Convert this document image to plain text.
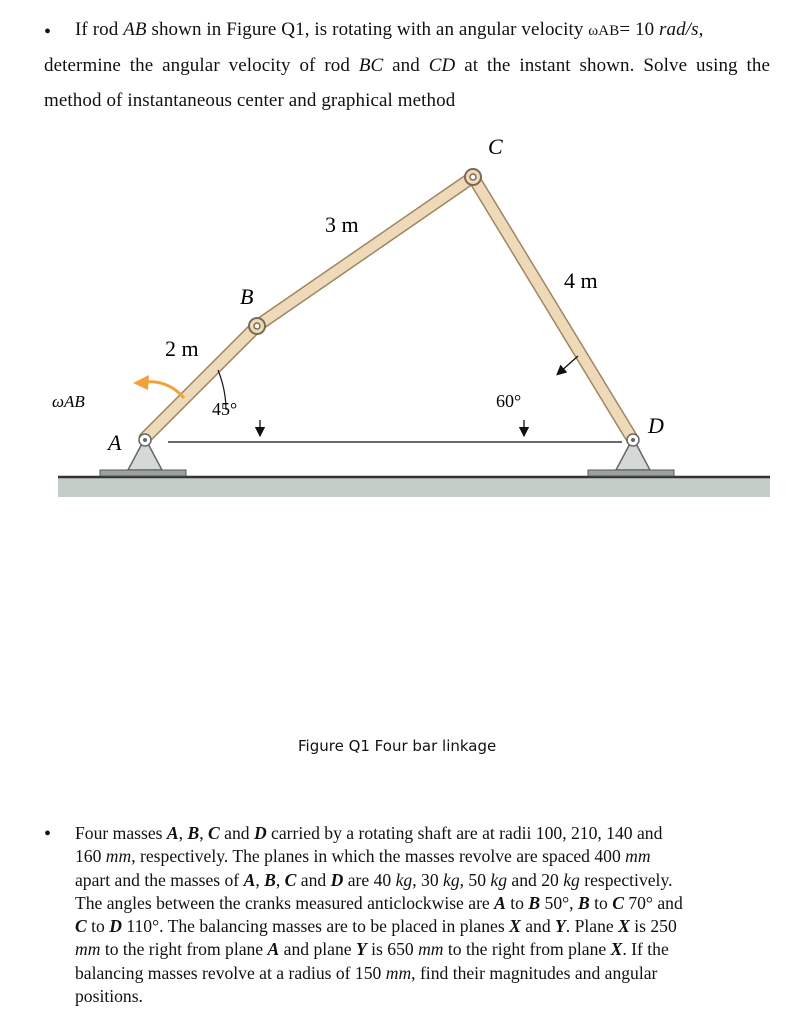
• If rod AB shown in Figure Q1, is rotating with an angular velocity ωAB= 10 rad/s,
determine the angular velocity of rod BC and CD at the instant shown. Solve using the
method of instantaneous center and graphical method
C
B
A
D
ωAB
3 m
2 m
4 m
45°	60°
Figure Q1 Four bar linkage
• Four masses A, B, C and D carried by a rotating shaft are at radii 100, 210, 140 and
160 mm, respectively. The planes in which the masses revolve are spaced 400 mm
apart and the masses of A, B, C and D are 40 kg, 30 kg, 50 kg and 20 kg respectively.
The angles between the cranks measured anticlockwise are A to B 50°, B to C 70° and
C to D 110°. The balancing masses are to be placed in planes X and Y. Plane X is 250
mm to the right from plane A and plane Y is 650 mm to the right from plane X. If the
balancing masses revolve at a radius of 150 mm, find their magnitudes and angular
positions.
